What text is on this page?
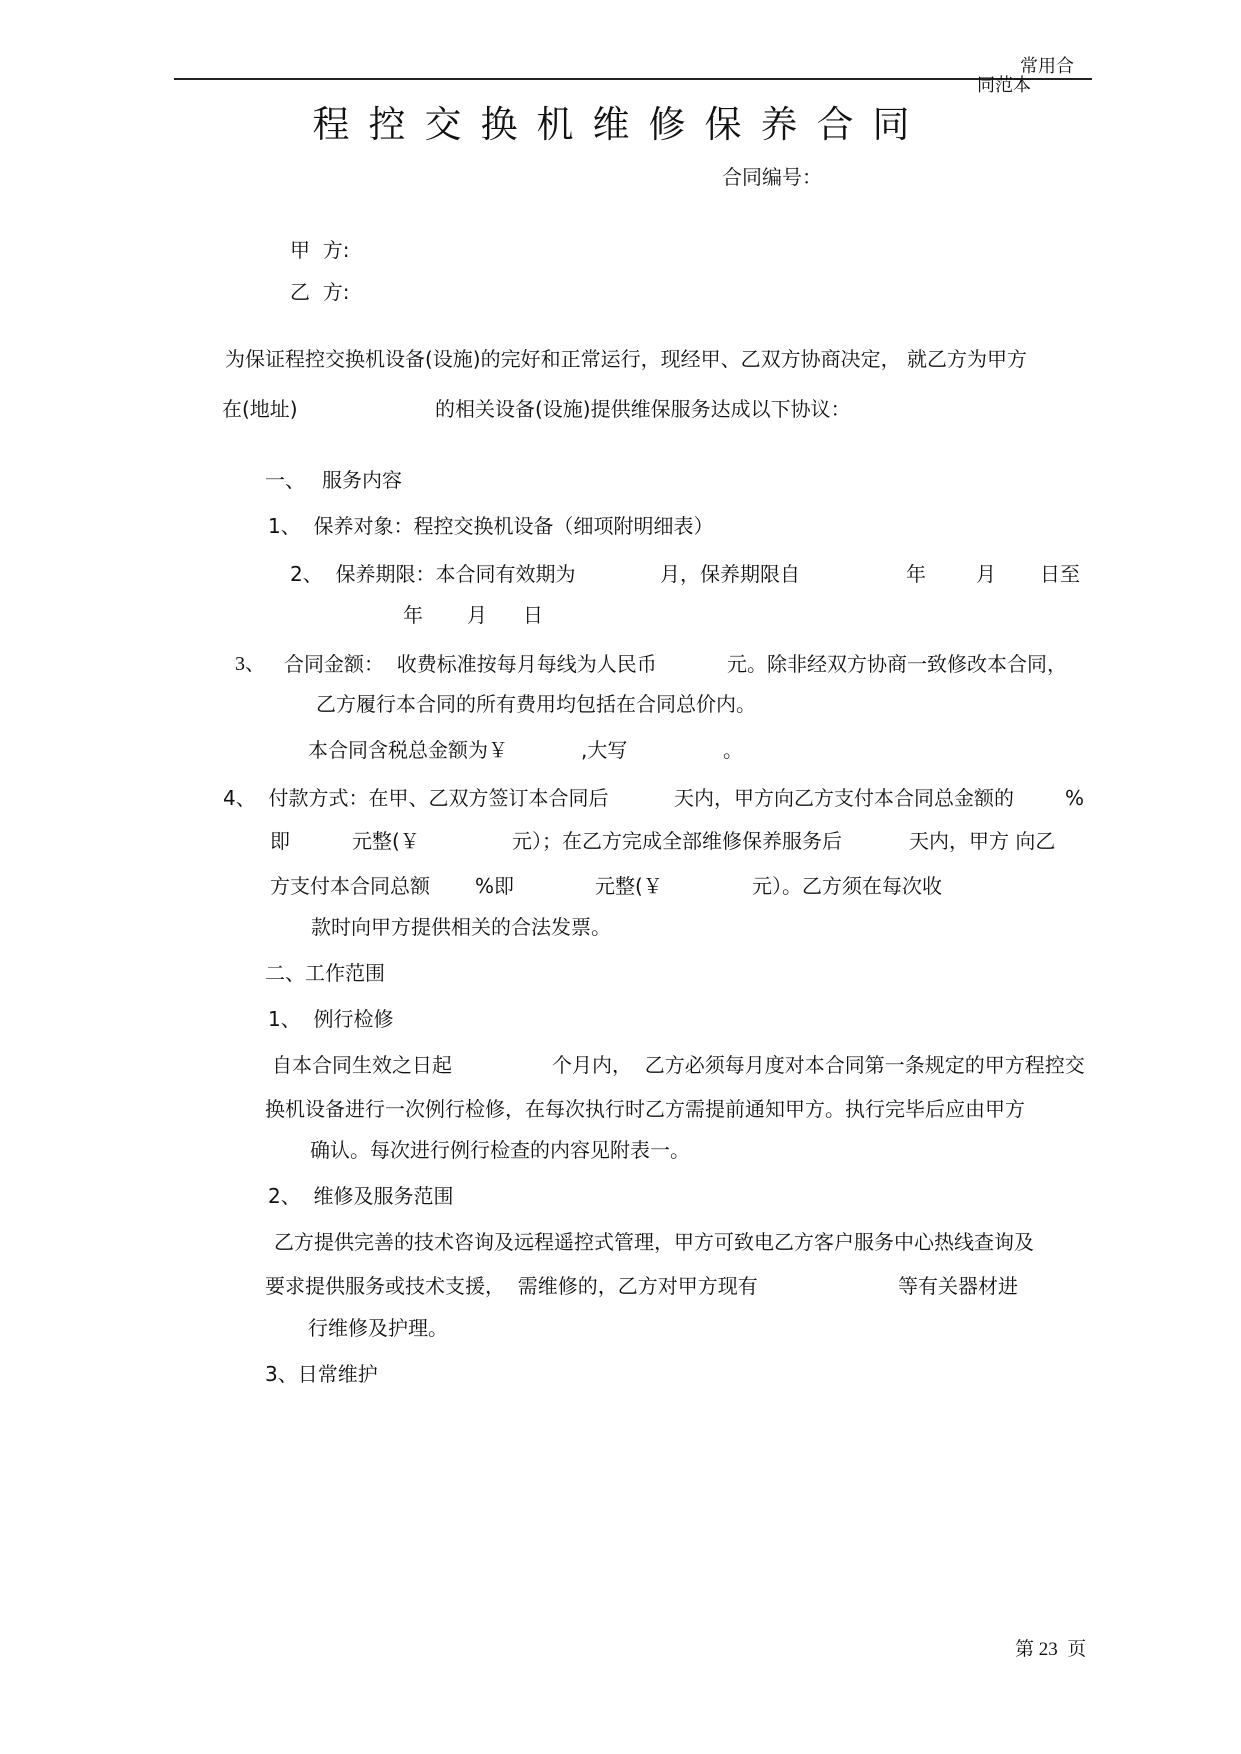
常用合
同范本
程控交换机维修保养合同
合同编号：
甲  方:
乙  方:
为保证程控交换机设备(设施)的完好和正常运行，现经甲、乙双方协商决定， 就乙方为甲方
在(地址)	的相关设备(设施)提供维保服务达成以下协议：
一、 服务内容
1、  保养对象：程控交换机设备（细项附明细表）
2、  保养期限：本合同有效期为	月，保养期限自	年	月 日至
年 月 日
3、 合同金额：  收费标准按每月每线为人民币	元。除非经双方协商一致修改本合同，
乙方履行本合同的所有费用均包括在合同总价内。
本合同含税总金额为￥	,大写	。
4、  付款方式：在甲、乙双方签订本合同后	天内，甲方向乙方支付本合同总金额的	%
即	元整(￥	元）；在乙方完成全部维修保养服务后	天内，甲方 向乙
方支付本合同总额 %即	元整(￥	元）。乙方须在每次收
款时向甲方提供相关的合法发票。
二、工作范围
1、  例行检修
自本合同生效之日起	个月内，  乙方必须每月度对本合同第一条规定的甲方程控交
换机设备进行一次例行检修，在每次执行时乙方需提前通知甲方。执行完毕后应由甲方
确认。每次进行例行检查的内容见附表一。
2、  维修及服务范围
乙方提供完善的技术咨询及远程遥控式管理，甲方可致电乙方客户服务中心热线查询及
要求提供服务或技术支援，  需维修的，乙方对甲方现有	等有关器材进
行维修及护理。
3、日常维护
第 23  页
